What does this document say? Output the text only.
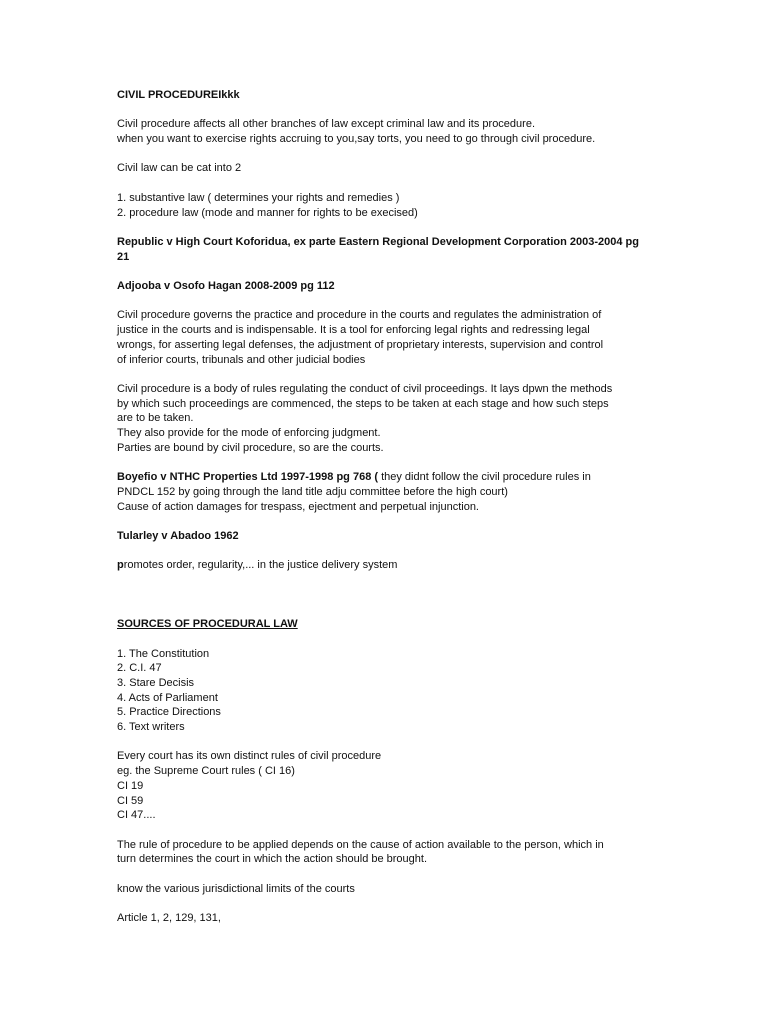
CIVIL PROCEDUREIkkk
Civil procedure affects all other branches of law except criminal law and its procedure.
when you want to exercise rights accruing to you,say torts, you need to go through civil procedure.
Civil law can be cat into 2
1. substantive law ( determines your rights and remedies )
2. procedure law (mode and manner for rights to be execised)
Republic v High Court Koforidua, ex parte Eastern Regional Development Corporation 2003-2004 pg
21
Adjooba v Osofo Hagan 2008-2009 pg 112
Civil procedure governs the practice and procedure in the courts and regulates the administration of
justice in the courts and is indispensable. It is a tool for enforcing legal rights and redressing legal
wrongs, for asserting legal defenses, the adjustment of proprietary interests, supervision and control
of inferior courts, tribunals and other judicial bodies
Civil procedure is a body of rules regulating the conduct of civil proceedings. It lays dpwn the methods
by which such proceedings are commenced, the steps to be taken at each stage and how such steps
are to be taken.
They also provide for the mode of enforcing judgment.
Parties are bound by civil procedure, so are the courts.
Boyefio v NTHC Properties Ltd 1997-1998 pg 768 ( they didnt follow the civil procedure rules in
PNDCL 152 by going through the land title adju committee before the high court)
Cause of action damages for trespass, ejectment and perpetual injunction.
Tularley v Abadoo 1962
promotes order, regularity,... in the justice delivery system
SOURCES OF PROCEDURAL LAW
1. The Constitution
2. C.I. 47
3. Stare Decisis
4. Acts of Parliament
5. Practice Directions
6. Text writers
Every court has its own distinct rules of civil procedure
eg. the Supreme Court rules ( CI 16)
CI 19
CI 59
CI 47....
The rule of procedure to be applied depends on the cause of action available to the person, which in
turn determines the court in which the action should be brought.
know the various jurisdictional limits of the courts
Article 1, 2, 129, 131,
